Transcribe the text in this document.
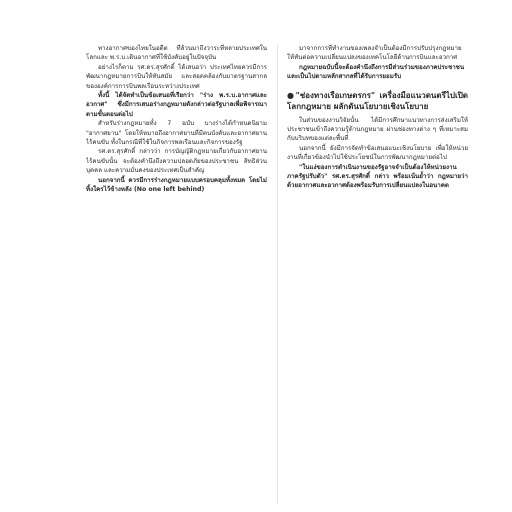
ทางอากาศของไทยในอดีต ที่ล้วนมาถึงวาระที่หลายประเทศในโลกและ พ.ร.บ.เดินอากาศที่ใช้บังคับอยู่ในปัจจุบัน

อย่างไรก็ตาม รศ.ดร.สุรศักดิ์ ได้เสนอว่า ประเทศไทยควรมีการพัฒนากฎหมายการบินให้ทันสมัย และสอดคล้องกับมาตรฐานสากลขององค์การการบินพลเรือนระหว่างประเทศ

ทั้งนี้ ได้จัดทำเป็นข้อเสนอที่เรียกว่า "ร่าง พ.ร.บ.อากาศและอวกาศ" ซึ่งมีการเสนอร่างกฎหมายดังกล่าวต่อรัฐบาลเพื่อพิจารณาตามขั้นตอนต่อไป

สำหรับร่างกฎหมายทั้ง 7 ฉบับ บางร่างได้กำหนดนิยาม "อากาศยาน" โดยให้หมายถึงอากาศยานที่มีคนบังคับและอากาศยานไร้คนขับ ทั้งในกรณีที่ใช้ในกิจการพลเรือนและกิจการของรัฐ

รศ.ดร.สุรศักดิ์ กล่าวว่า การบัญญัติกฎหมายเกี่ยวกับอากาศยานไร้คนขับนั้น จะต้องคำนึงถึงความปลอดภัยของประชาชน สิทธิส่วนบุคคล และความมั่นคงของประเทศเป็นสำคัญ

นอกจากนี้ ควรมีการร่างกฎหมายแบบครอบคลุมทั้งหมด โดยไม่ทิ้งใครไว้ข้างหลัง (No one left behind)

มาจากการที่ทำงานของเพลงจำเป็นต้องมีการปรับปรุงกฎหมาย ให้ทันต่อความเปลี่ยนแปลงของเทคโนโลยีด้านการบินและอวกาศ

กฎหมายฉบับนี้จะต้องคำนึงถึงการมีส่วนร่วมของภาคประชาชน และเป็นไปตามหลักสากลที่ได้รับการยอมรับ

●"ช่องทางเรือเกษตรกร" เครื่องมือแนวดนตรีไปเปิดโลกกฎหมาย ผลักดันนโยบายเชิงนโยบาย

ในส่วนของงานวิจัยนั้น ได้มีการศึกษาแนวทางการส่งเสริมให้ประชาชนเข้าถึงความรู้ด้านกฎหมาย ผ่านช่องทางต่าง ๆ ที่เหมาะสมกับบริบทของแต่ละพื้นที่

นอกจากนี้ ยังมีการจัดทำข้อเสนอแนะเชิงนโยบาย เพื่อให้หน่วยงานที่เกี่ยวข้องนำไปใช้ประโยชน์ในการพัฒนากฎหมายต่อไป

"ในแง่ของการดำเนินงานของรัฐอาจจำเป็นต้องให้หน่วยงานภาครัฐปรับตัว" รศ.ดร.สุรศักดิ์ กล่าว พร้อมเน้นย้ำว่า กฎหมายว่าด้วยอากาศและอวกาศต้องพร้อมรับการเปลี่ยนแปลงในอนาคต
